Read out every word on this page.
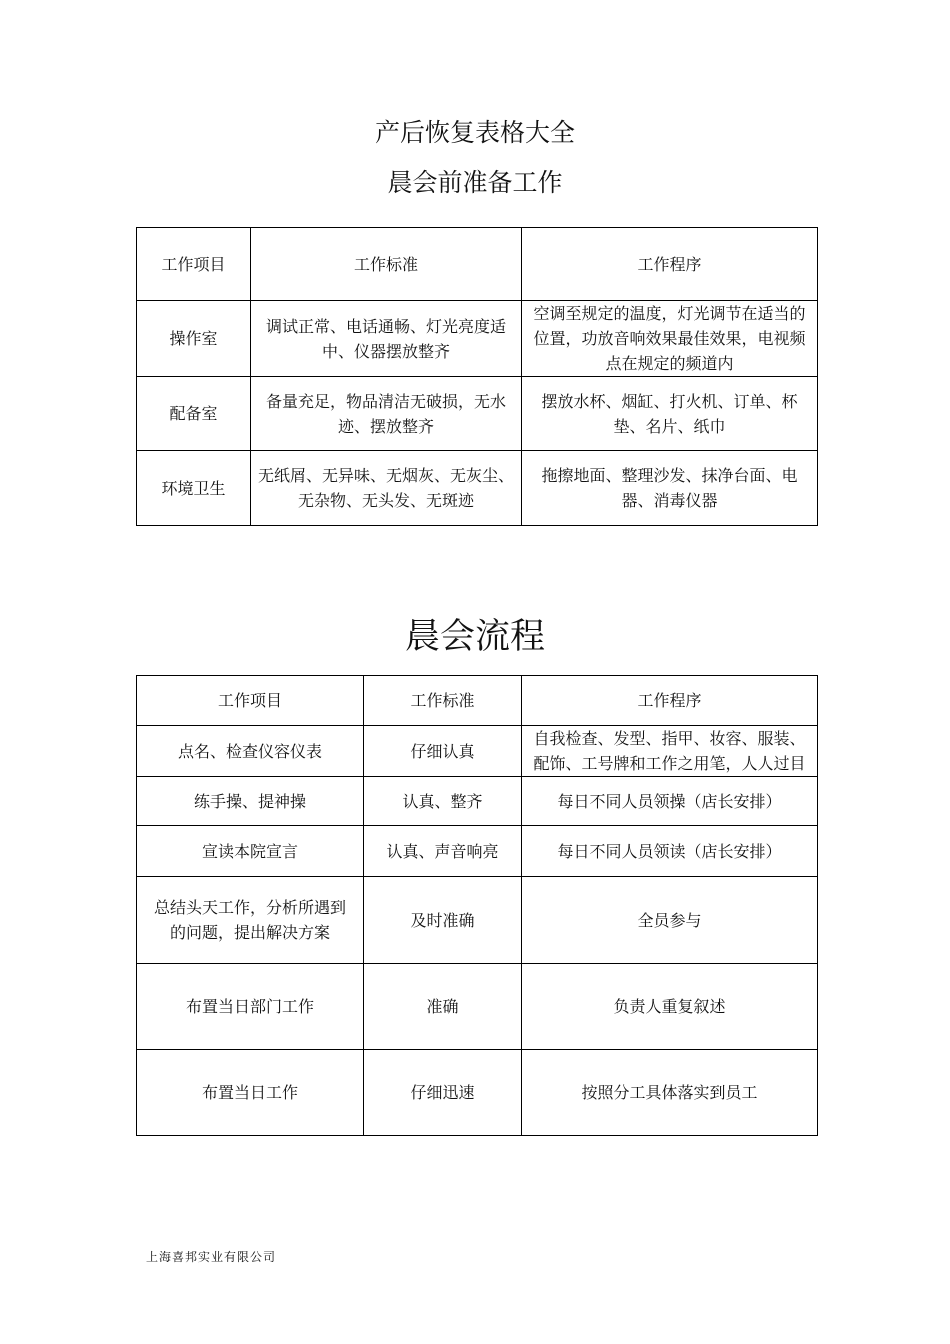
产后恢复表格大全
晨会前准备工作
工作项目	工作标准	工作程序
操作室	调试正常、电话通畅、灯光亮度适中、仪器摆放整齐	空调至规定的温度，灯光调节在适当的位置，功放音响效果最佳效果，电视频点在规定的频道内
配备室	备量充足，物品清洁无破损，无水迹、摆放整齐	摆放水杯、烟缸、打火机、订单、杯垫、名片、纸巾
环境卫生	无纸屑、无异味、无烟灰、无灰尘、无杂物、无头发、无斑迹	拖擦地面、整理沙发、抹净台面、电器、消毒仪器
晨会流程
工作项目	工作标准	工作程序
点名、检查仪容仪表	仔细认真	自我检查、发型、指甲、妆容、服装、配饰、工号牌和工作之用笔，人人过目
练手操、提神操	认真、整齐	每日不同人员领操（店长安排）
宣读本院宣言	认真、声音响亮	每日不同人员领读（店长安排）
总结头天工作，分析所遇到的问题，提出解决方案	及时准确	全员参与
布置当日部门工作	准确	负责人重复叙述
布置当日工作	仔细迅速	按照分工具体落实到员工
上海喜邦实业有限公司
